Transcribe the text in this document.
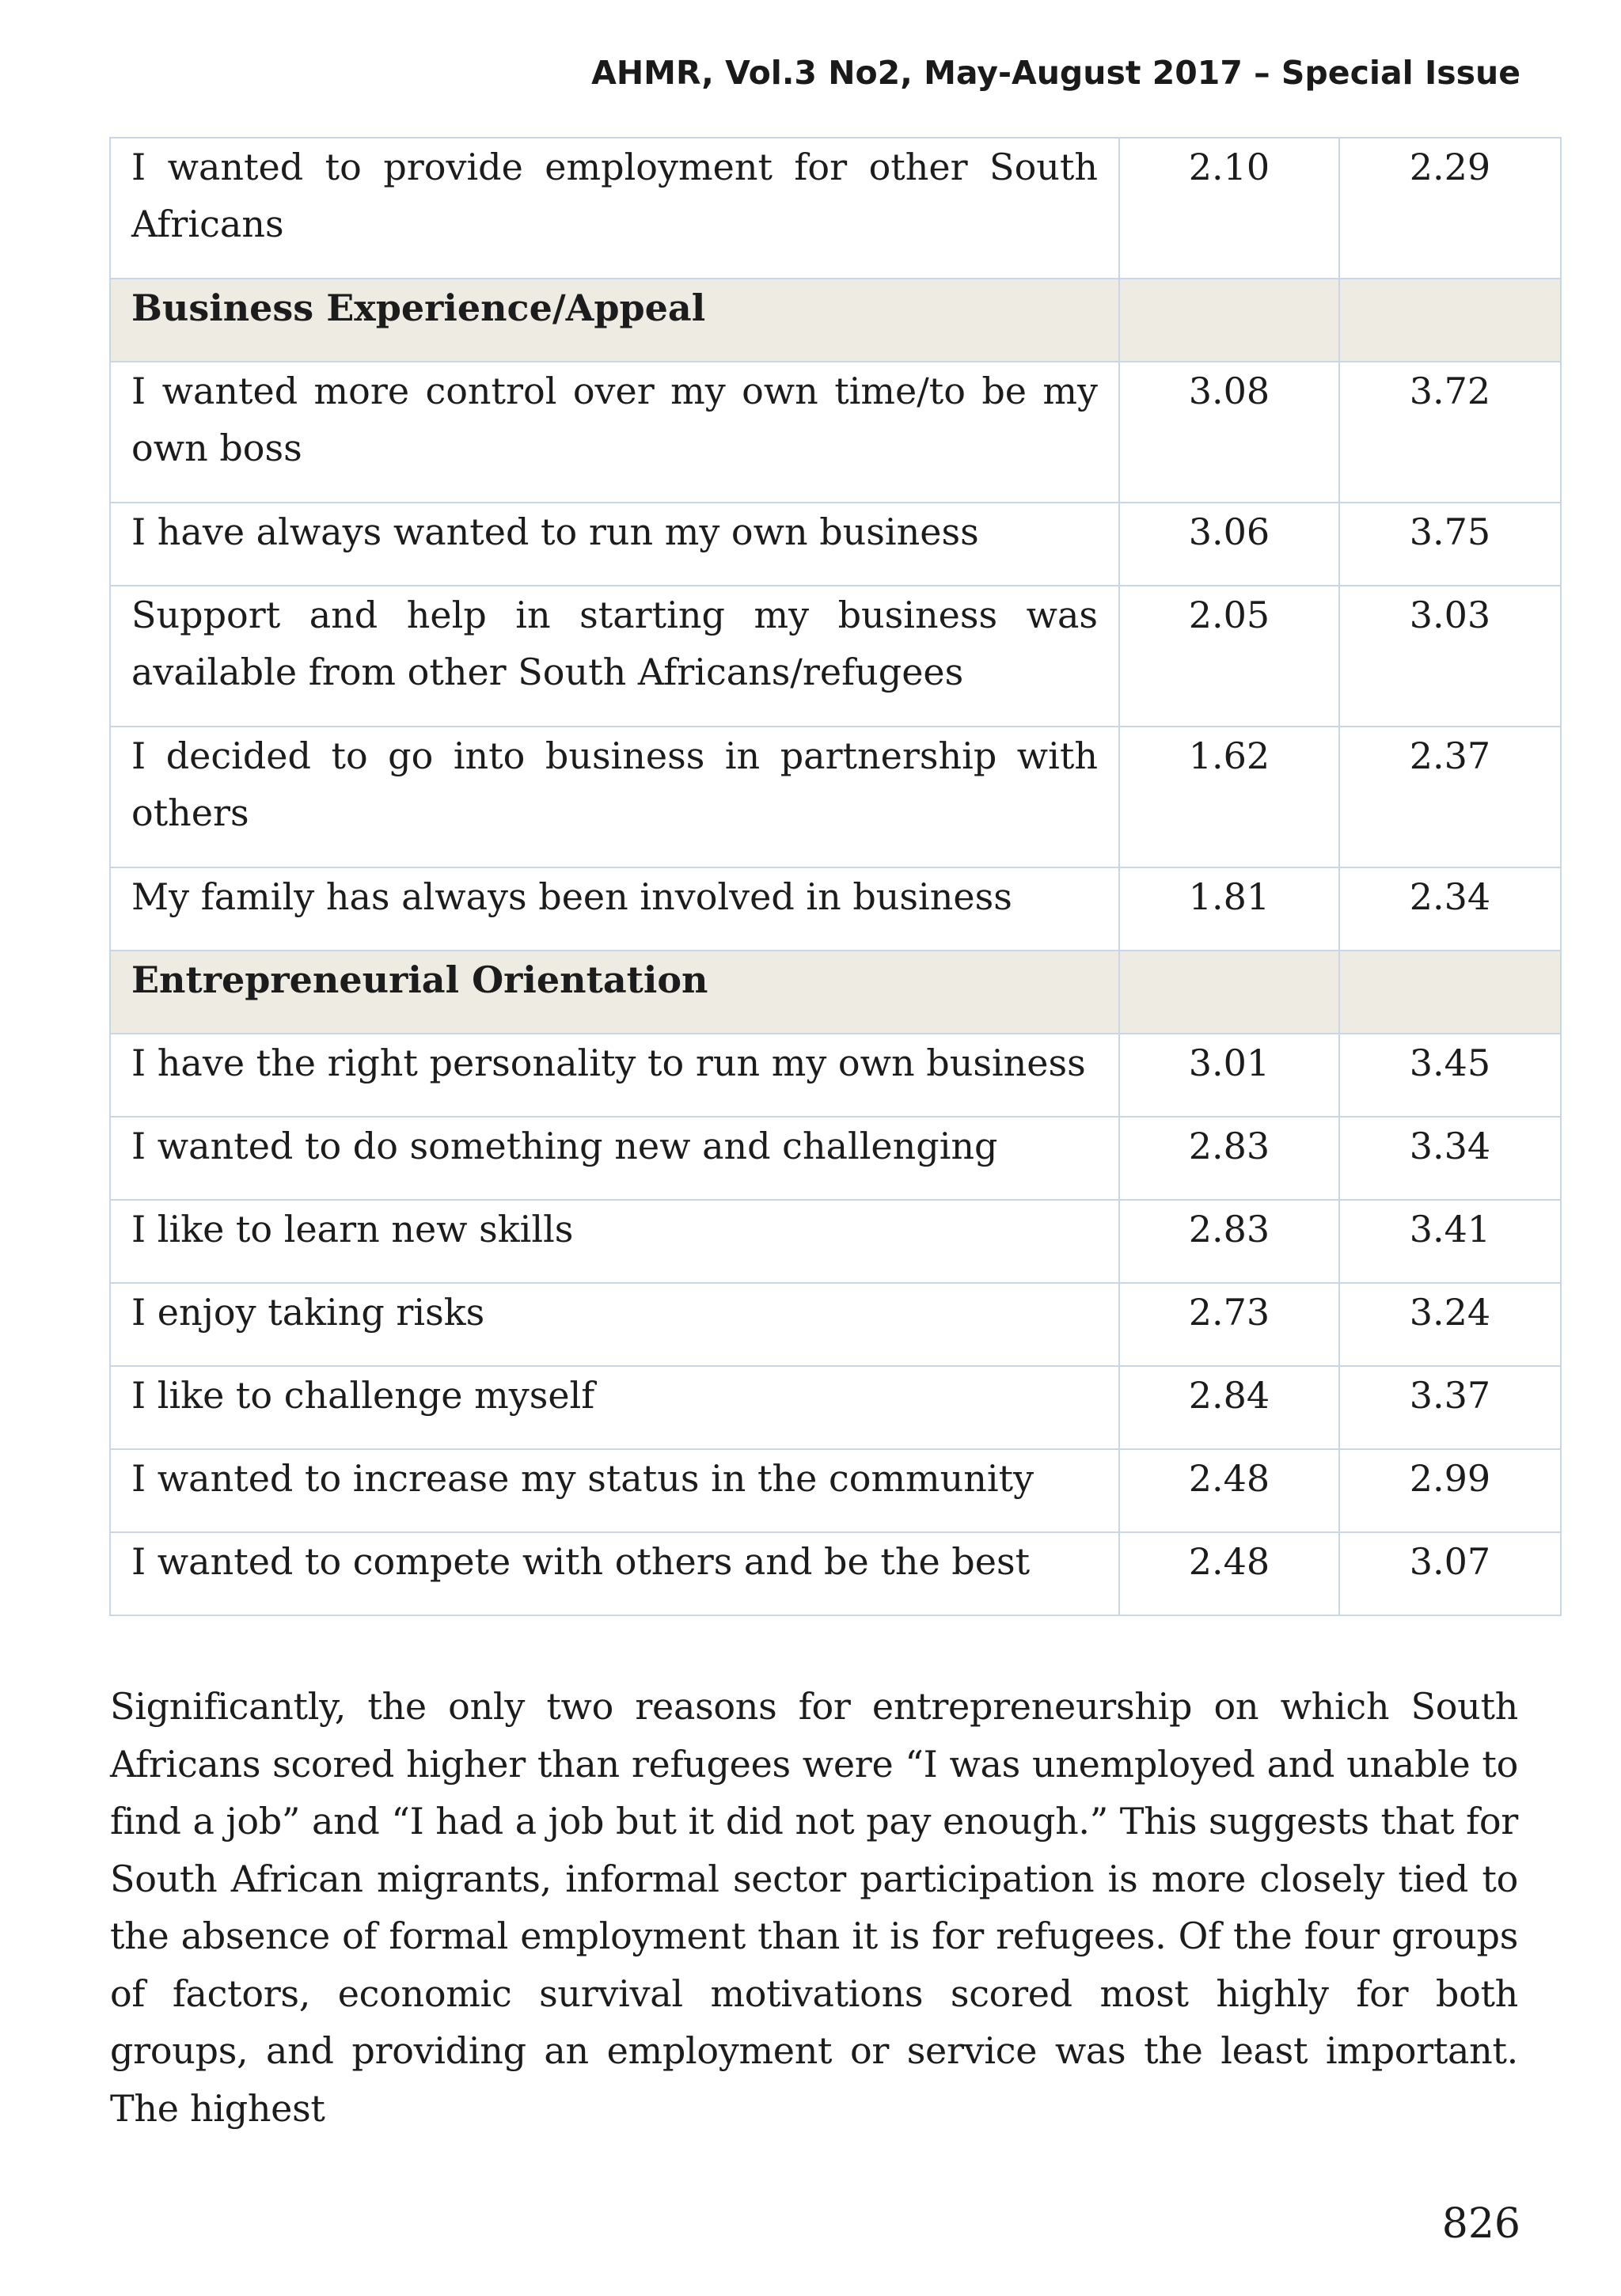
AHMR, Vol.3 No2, May-August 2017 – Special Issue
I wanted to provide employment for other South Africans	2.10	2.29
Business Experience/Appeal		
I wanted more control over my own time/to be my own boss	3.08	3.72
I have always wanted to run my own business	3.06	3.75
Support and help in starting my business was available from other South Africans/refugees	2.05	3.03
I decided to go into business in partnership with others	1.62	2.37
My family has always been involved in business	1.81	2.34
Entrepreneurial Orientation		
I have the right personality to run my own business	3.01	3.45
I wanted to do something new and challenging	2.83	3.34
I like to learn new skills	2.83	3.41
I enjoy taking risks	2.73	3.24
I like to challenge myself	2.84	3.37
I wanted to increase my status in the community	2.48	2.99
I wanted to compete with others and be the best	2.48	3.07

Significantly, the only two reasons for entrepreneurship on which South Africans scored higher than refugees were “I was unemployed and unable to find a job” and “I had a job but it did not pay enough.” This suggests that for South African migrants, informal sector participation is more closely tied to the absence of formal employment than it is for refugees. Of the four groups of factors, economic survival motivations scored most highly for both groups, and providing an employment or service was the least important. The highest

826
